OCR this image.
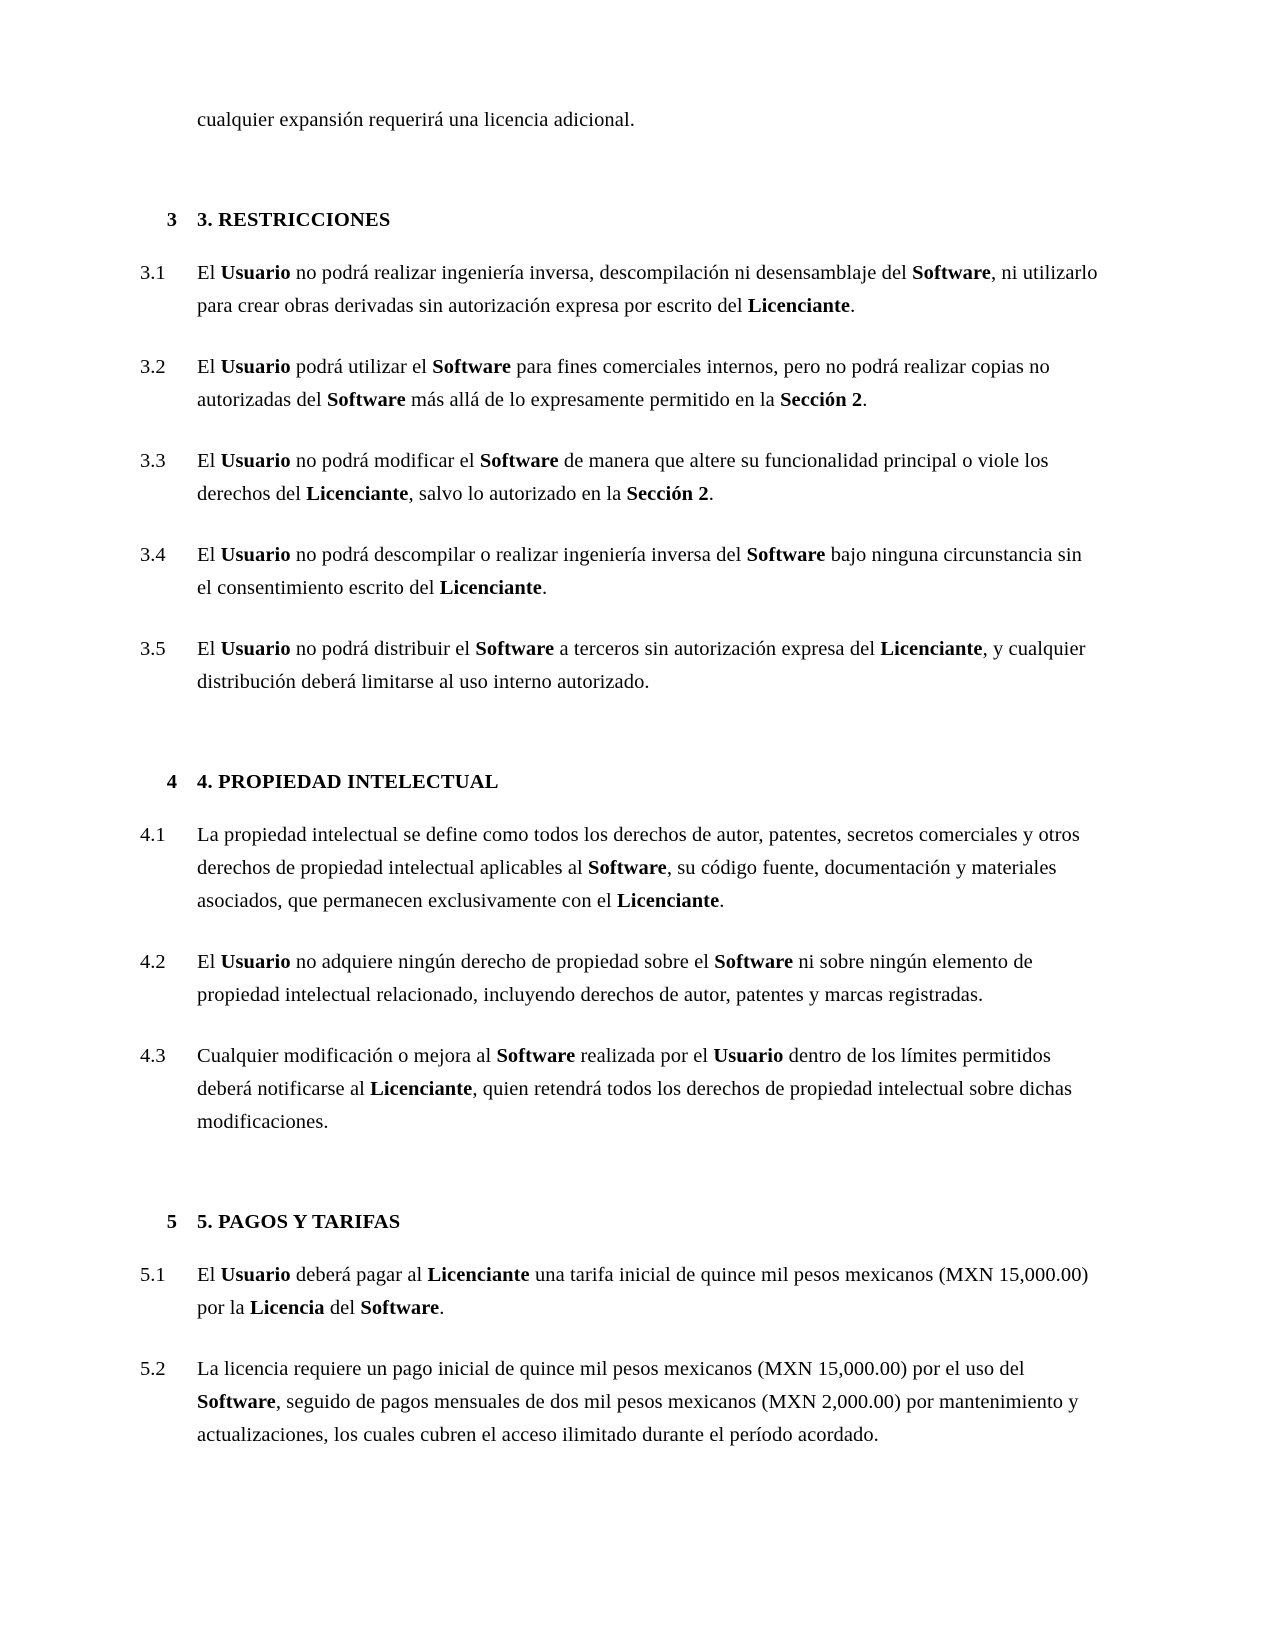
cualquier expansión requerirá una licencia adicional.

3 3. RESTRICCIONES
3.1	El Usuario no podrá realizar ingeniería inversa, descompilación ni desensamblaje del Software, ni utilizarlo para crear obras derivadas sin autorización expresa por escrito del Licenciante.
3.2	El Usuario podrá utilizar el Software para fines comerciales internos, pero no podrá realizar copias no autorizadas del Software más allá de lo expresamente permitido en la Sección 2.
3.3	El Usuario no podrá modificar el Software de manera que altere su funcionalidad principal o viole los derechos del Licenciante, salvo lo autorizado en la Sección 2.
3.4	El Usuario no podrá descompilar o realizar ingeniería inversa del Software bajo ninguna circunstancia sin el consentimiento escrito del Licenciante.
3.5	El Usuario no podrá distribuir el Software a terceros sin autorización expresa del Licenciante, y cualquier distribución deberá limitarse al uso interno autorizado.
4 4. PROPIEDAD INTELECTUAL
4.1	La propiedad intelectual se define como todos los derechos de autor, patentes, secretos comerciales y otros derechos de propiedad intelectual aplicables al Software, su código fuente, documentación y materiales asociados, que permanecen exclusivamente con el Licenciante.
4.2	El Usuario no adquiere ningún derecho de propiedad sobre el Software ni sobre ningún elemento de propiedad intelectual relacionado, incluyendo derechos de autor, patentes y marcas registradas.
4.3	Cualquier modificación o mejora al Software realizada por el Usuario dentro de los límites permitidos deberá notificarse al Licenciante, quien retendrá todos los derechos de propiedad intelectual sobre dichas modificaciones.
5 5. PAGOS Y TARIFAS
5.1	El Usuario deberá pagar al Licenciante una tarifa inicial de quince mil pesos mexicanos (MXN 15,000.00) por la Licencia del Software.
5.2	La licencia requiere un pago inicial de quince mil pesos mexicanos (MXN 15,000.00) por el uso del Software, seguido de pagos mensuales de dos mil pesos mexicanos (MXN 2,000.00) por mantenimiento y actualizaciones, los cuales cubren el acceso ilimitado durante el período acordado.
